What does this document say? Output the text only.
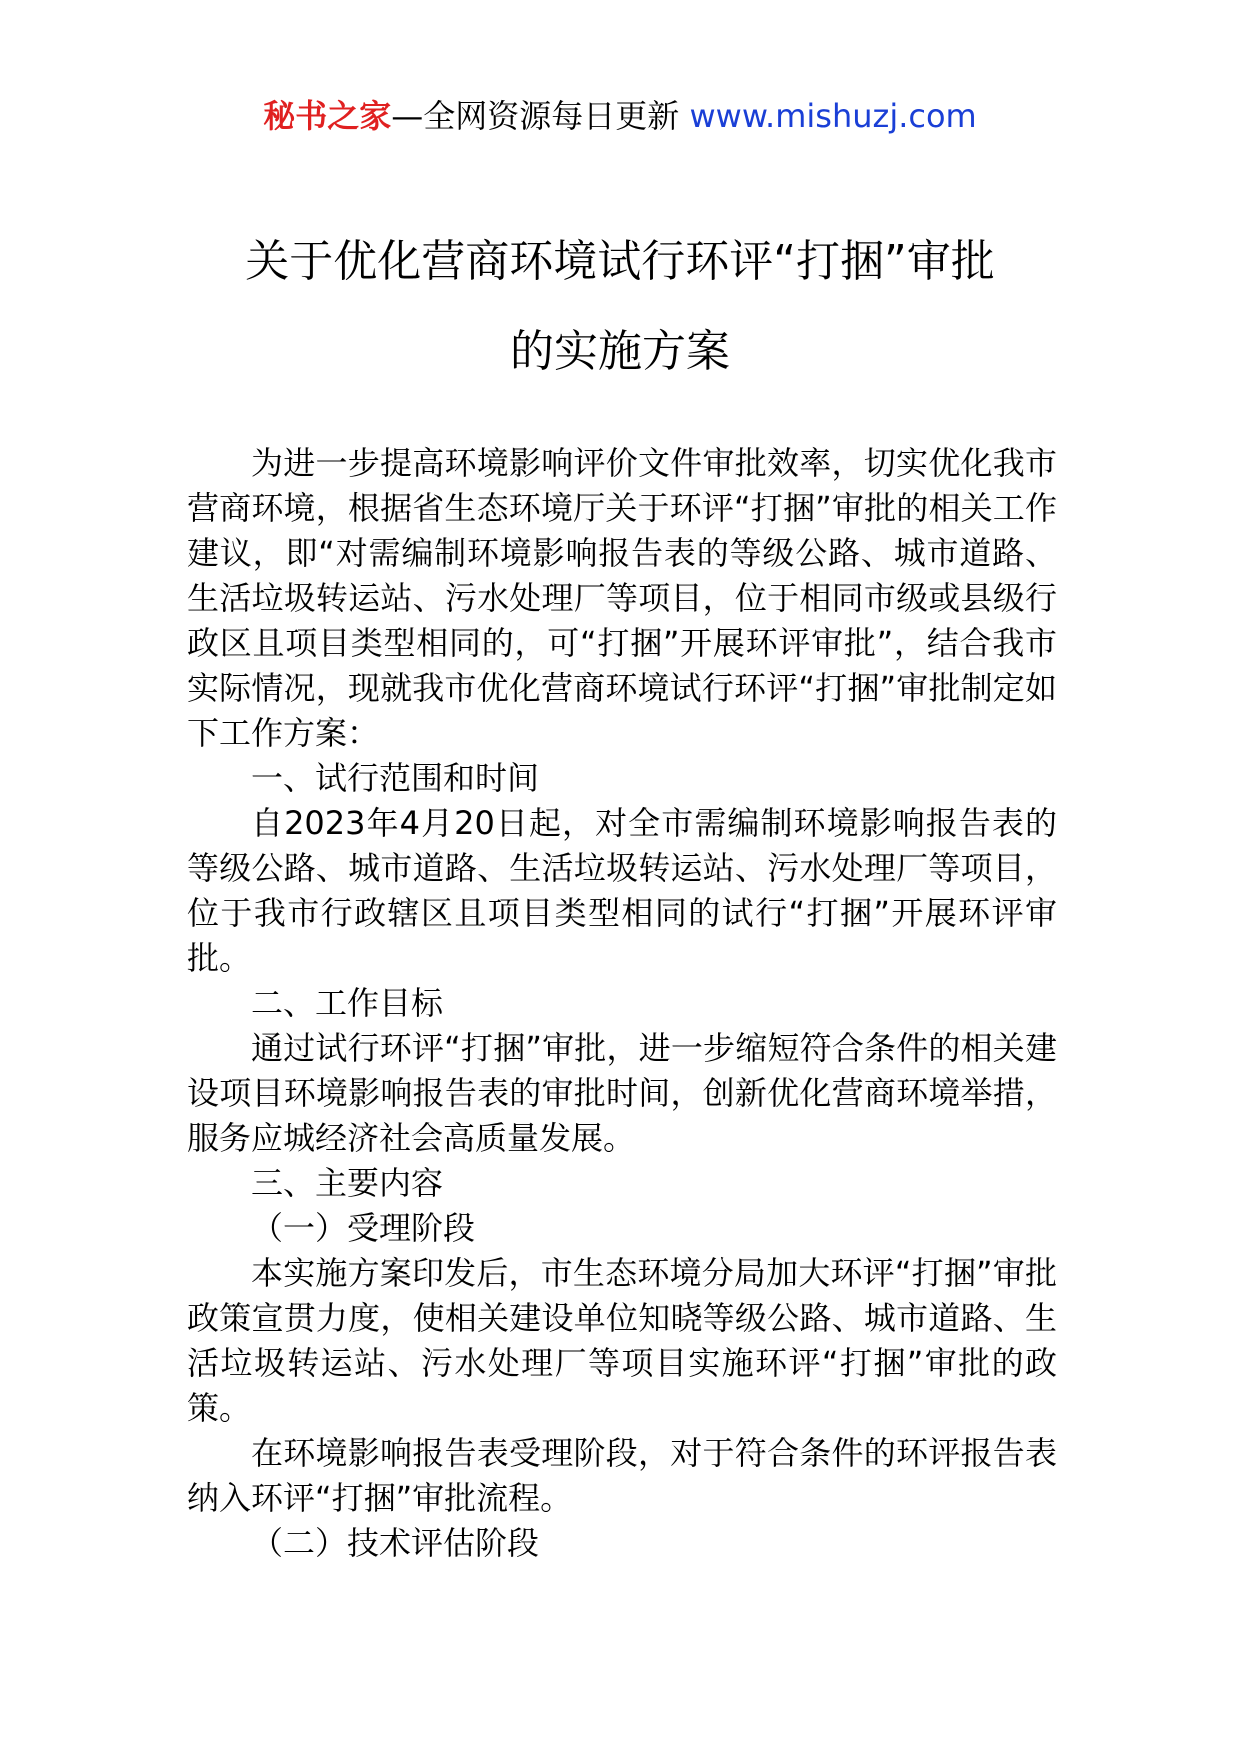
秘书之家—全网资源每日更新 www.mishuzj.com
关于优化营商环境试行环评“打捆”审批
的实施方案

为进一步提高环境影响评价文件审批效率，切实优化我市营商环境，根据省生态环境厅关于环评“打捆”审批的相关工作建议，即“对需编制环境影响报告表的等级公路、城市道路、生活垃圾转运站、污水处理厂等项目，位于相同市级或县级行政区且项目类型相同的，可“打捆”开展环评审批”，结合我市实际情况，现就我市优化营商环境试行环评“打捆”审批制定如下工作方案：

一、试行范围和时间

自2023年4月20日起，对全市需编制环境影响报告表的等级公路、城市道路、生活垃圾转运站、污水处理厂等项目，位于我市行政辖区且项目类型相同的试行“打捆”开展环评审批。

二、工作目标

通过试行环评“打捆”审批，进一步缩短符合条件的相关建设项目环境影响报告表的审批时间，创新优化营商环境举措，服务应城经济社会高质量发展。

三、主要内容

（一）受理阶段

本实施方案印发后，市生态环境分局加大环评“打捆”审批政策宣贯力度，使相关建设单位知晓等级公路、城市道路、生活垃圾转运站、污水处理厂等项目实施环评“打捆”审批的政策。

在环境影响报告表受理阶段，对于符合条件的环评报告表纳入环评“打捆”审批流程。

（二）技术评估阶段
